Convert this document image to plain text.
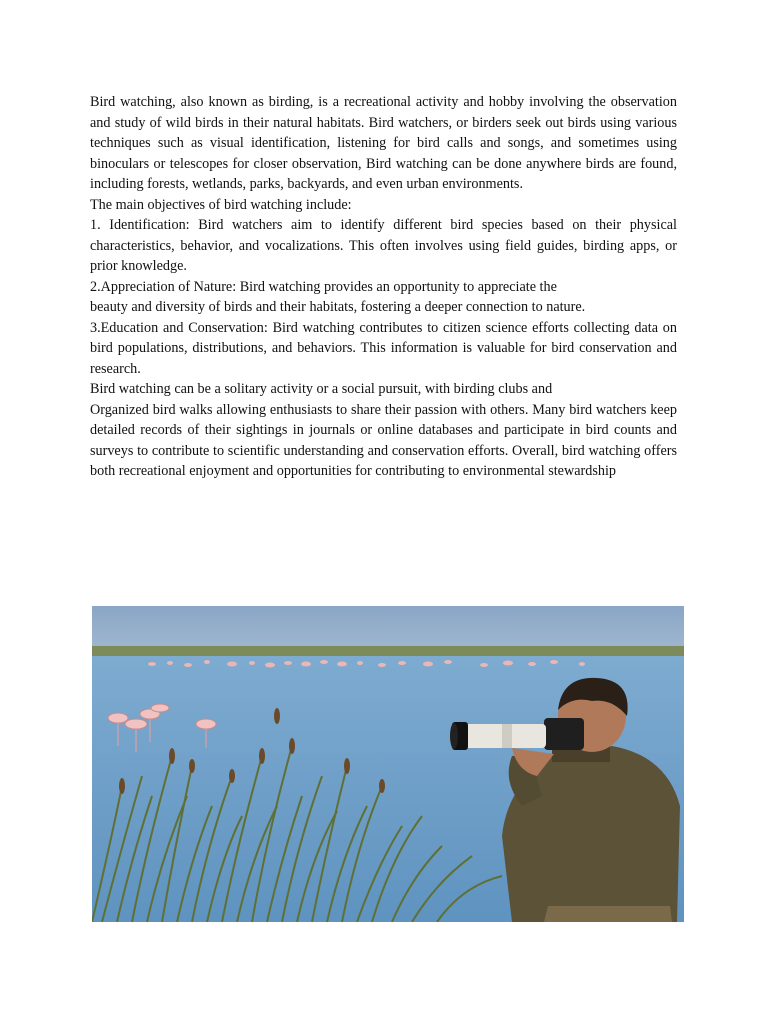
Bird watching, also known as birding, is a recreational activity and hobby involving the observation and study of wild birds in their natural habitats. Bird watchers, or birders seek out birds using various techniques such as visual identification, listening for bird calls and songs, and sometimes using binoculars or telescopes for closer observation, Bird watching can be done anywhere birds are found, including forests, wetlands, parks, backyards, and even urban environments.

The main objectives of bird watching include:

1. Identification: Bird watchers aim to identify different bird species based on their physical characteristics, behavior, and vocalizations. This often involves using field guides, birding apps, or prior knowledge.

2.Appreciation of Nature: Bird watching provides an opportunity to appreciate the

beauty and diversity of birds and their habitats, fostering a deeper connection to nature.

3.Education and Conservation: Bird watching contributes to citizen science efforts collecting data on bird populations, distributions, and behaviors. This information is valuable for bird conservation and research.

Bird watching can be a solitary activity or a social pursuit, with birding clubs and

Organized bird walks allowing enthusiasts to share their passion with others. Many bird watchers keep detailed records of their sightings in journals or online databases and participate in bird counts and surveys to contribute to scientific understanding and conservation efforts. Overall, bird watching offers both recreational enjoyment and opportunities for contributing to environmental stewardship
